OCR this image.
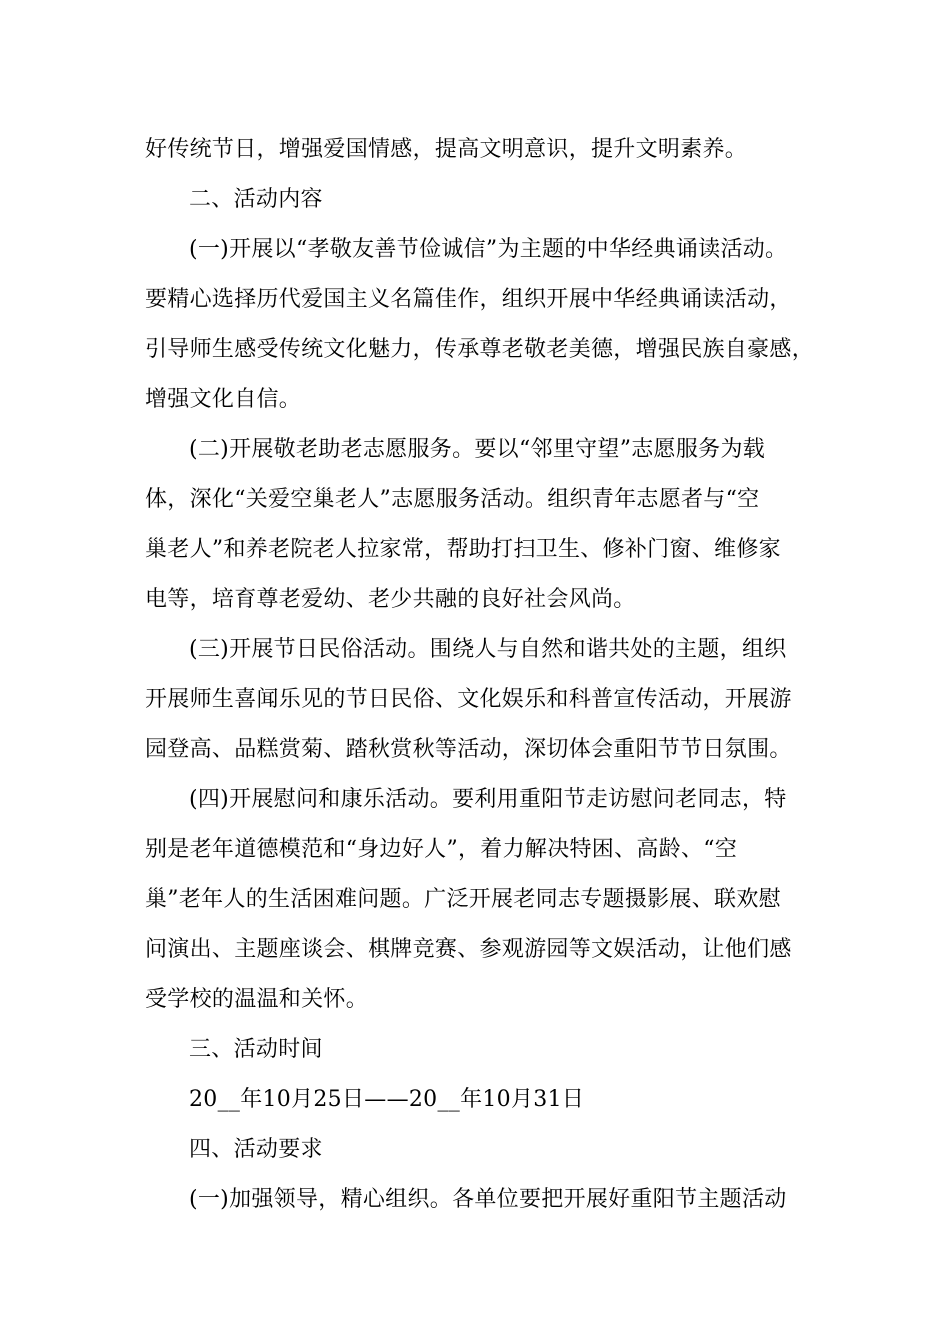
好传统节日，增强爱国情感，提高文明意识，提升文明素养。
二、活动内容
(一)开展以“孝敬友善节俭诚信”为主题的中华经典诵读活动。
要精心选择历代爱国主义名篇佳作，组织开展中华经典诵读活动，
引导师生感受传统文化魅力，传承尊老敬老美德，增强民族自豪感，
增强文化自信。
(二)开展敬老助老志愿服务。要以“邻里守望”志愿服务为载
体，深化“关爱空巢老人”志愿服务活动。组织青年志愿者与“空
巢老人”和养老院老人拉家常，帮助打扫卫生、修补门窗、维修家
电等，培育尊老爱幼、老少共融的良好社会风尚。
(三)开展节日民俗活动。围绕人与自然和谐共处的主题，组织
开展师生喜闻乐见的节日民俗、文化娱乐和科普宣传活动，开展游
园登高、品糕赏菊、踏秋赏秋等活动，深切体会重阳节节日氛围。
(四)开展慰问和康乐活动。要利用重阳节走访慰问老同志，特
别是老年道德模范和“身边好人”，着力解决特困、高龄、“空
巢”老年人的生活困难问题。广泛开展老同志专题摄影展、联欢慰
问演出、主题座谈会、棋牌竞赛、参观游园等文娱活动，让他们感
受学校的温温和关怀。
三、活动时间
20__年10月25日——20__年10月31日
四、活动要求
(一)加强领导，精心组织。各单位要把开展好重阳节主题活动
